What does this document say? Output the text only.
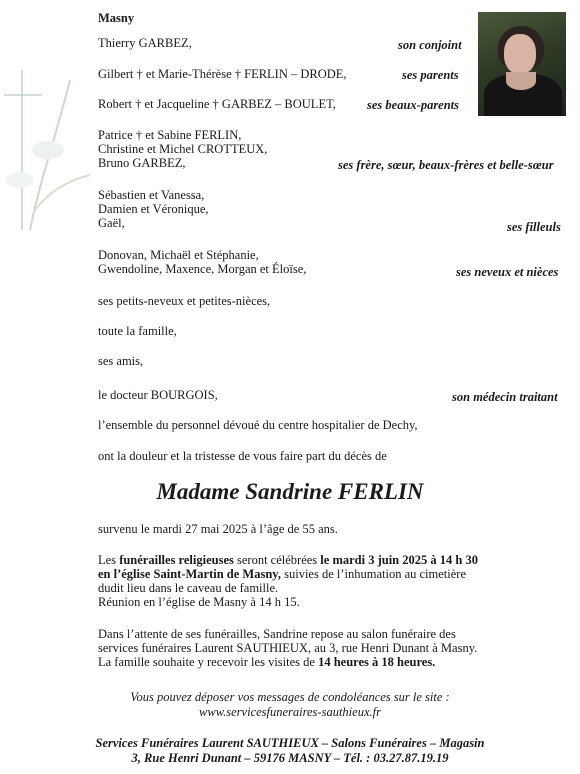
Masny
Thierry GARBEZ,	son conjoint
Gilbert † et Marie-Thérèse † FERLIN – DRODE,	ses parents
Robert † et Jacqueline † GARBEZ – BOULET, ses beaux-parents
Patrice † et Sabine FERLIN,
Christine et Michel CROTTEUX,
Bruno GARBEZ,	ses frère, sœur, beaux-frères et belle-sœur
Sébastien et Vanessa,
Damien et Véronique,
Gaël,	ses filleuls
Donovan, Michaël et Stéphanie,
Gwendoline, Maxence, Morgan et Éloïse,	ses neveux et nièces
ses petits-neveux et petites-nièces,
toute la famille,
ses amis,
le docteur BOURGOIS,	son médecin traitant
l’ensemble du personnel dévoué du centre hospitalier de Dechy,
ont la douleur et la tristesse de vous faire part du décès de
Madame Sandrine FERLIN
survenu le mardi 27 mai 2025 à l’âge de 55 ans.
Les funérailles religieuses seront célébrées le mardi 3 juin 2025 à 14 h 30
en l’église Saint-Martin de Masny, suivies de l’inhumation au cimetière
dudit lieu dans le caveau de famille.
Réunion en l’église de Masny à 14 h 15.
Dans l’attente de ses funérailles, Sandrine repose au salon funéraire des
services funéraires Laurent SAUTHIEUX, au 3, rue Henri Dunant à Masny.
La famille souhaite y recevoir les visites de 14 heures à 18 heures.
Vous pouvez déposer vos messages de condoléances sur le site :
www.servicesfuneraires-sauthieux.fr
Services Funéraires Laurent SAUTHIEUX – Salons Funéraires – Magasin
3, Rue Henri Dunant – 59176 MASNY – Tél. : 03.27.87.19.19
